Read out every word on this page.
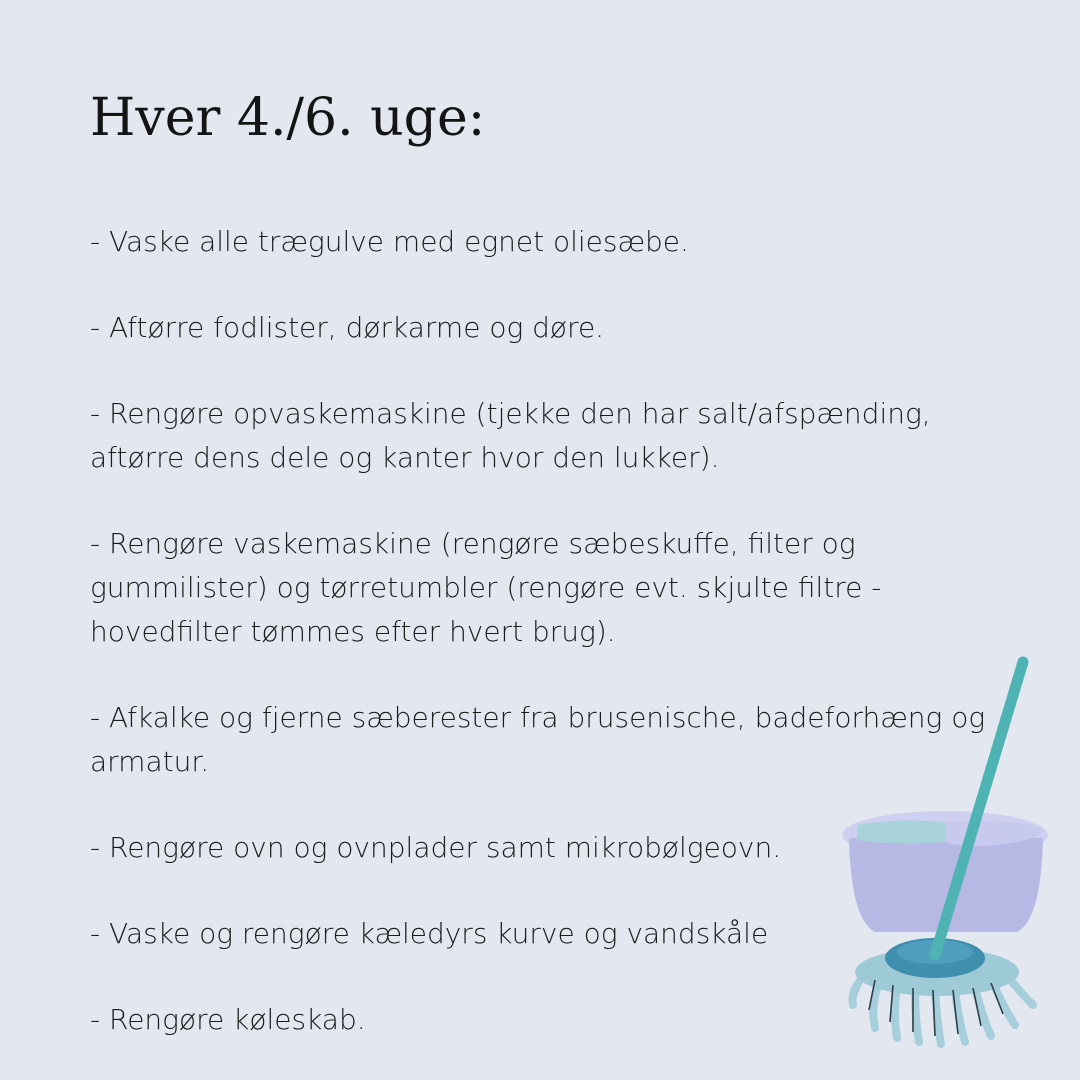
Hver 4./6. uge:
- Vaske alle trægulve med egnet oliesæbe.
- Aftørre fodlister, dørkarme og døre.
- Rengøre opvaskemaskine (tjekke den har salt/afspænding, aftørre dens dele og kanter hvor den lukker).
- Rengøre vaskemaskine (rengøre sæbeskuffe, filter og gummilister) og tørretumbler (rengøre evt. skjulte filtre - hovedfilter tømmes efter hvert brug).
- Afkalke og fjerne sæberester fra brusenische, badeforhæng og armatur.
- Rengøre ovn og ovnplader samt mikrobølgeovn.
- Vaske og rengøre kæledyrs kurve og vandskåle
- Rengøre køleskab.
